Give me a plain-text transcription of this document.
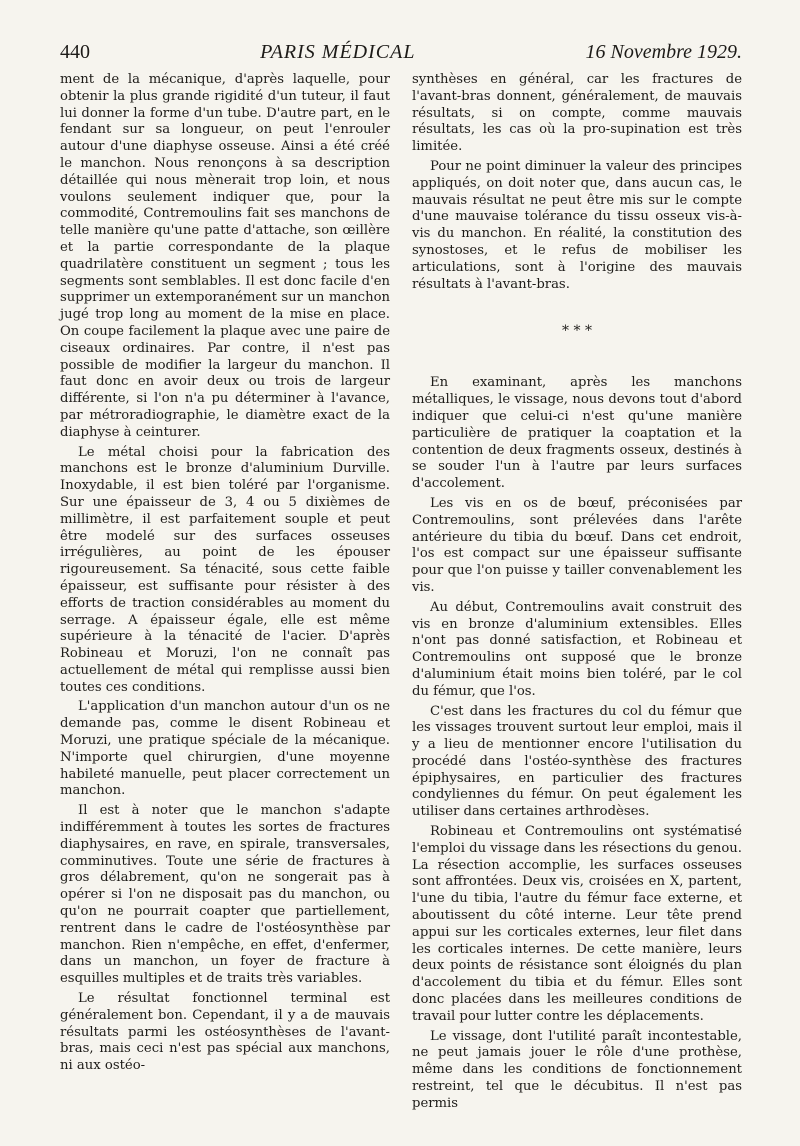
440	PARIS MÉDICAL	16 Novembre 1929.

ment de la mécanique, d'après laquelle, pour obtenir la plus grande rigidité d'un tuteur, il faut lui donner la forme d'un tube. D'autre part, en le fendant sur sa longueur, on peut l'enrouler autour d'une diaphyse osseuse. Ainsi a été créé le manchon. Nous renonçons à sa description détaillée qui nous mènerait trop loin, et nous voulons seulement indiquer que, pour la commodité, Contremoulins fait ses manchons de telle manière qu'une patte d'attache, son œillère et la partie correspondante de la plaque quadrilatère constituent un segment ; tous les segments sont semblables. Il est donc facile d'en supprimer un extemporanément sur un manchon jugé trop long au moment de la mise en place. On coupe facilement la plaque avec une paire de ciseaux ordinaires. Par contre, il n'est pas possible de modifier la largeur du manchon. Il faut donc en avoir deux ou trois de largeur différente, si l'on n'a pu déterminer à l'avance, par métroradiographie, le diamètre exact de la diaphyse à ceinturer.

Le métal choisi pour la fabrication des manchons est le bronze d'aluminium Durville. Inoxydable, il est bien toléré par l'organisme. Sur une épaisseur de 3, 4 ou 5 dixièmes de millimètre, il est parfaitement souple et peut être modelé sur des surfaces osseuses irrégulières, au point de les épouser rigoureusement. Sa ténacité, sous cette faible épaisseur, est suffisante pour résister à des efforts de traction considérables au moment du serrage. A épaisseur égale, elle est même supérieure à la ténacité de l'acier. D'après Robineau et Moruzi, l'on ne connaît pas actuellement de métal qui remplisse aussi bien toutes ces conditions.

L'application d'un manchon autour d'un os ne demande pas, comme le disent Robineau et Moruzi, une pratique spéciale de la mécanique. N'importe quel chirurgien, d'une moyenne habileté manuelle, peut placer correctement un manchon.

Il est à noter que le manchon s'adapte indifféremment à toutes les sortes de fractures diaphysaires, en rave, en spirale, transversales, comminutives. Toute une série de fractures à gros délabrement, qu'on ne songerait pas à opérer si l'on ne disposait pas du manchon, ou qu'on ne pourrait coapter que partiellement, rentrent dans le cadre de l'ostéosynthèse par manchon. Rien n'empêche, en effet, d'enfermer, dans un manchon, un foyer de fracture à esquilles multiples et de traits très variables.

Le résultat fonctionnel terminal est généralement bon. Cependant, il y a de mauvais résultats parmi les ostéosynthèses de l'avant-bras, mais ceci n'est pas spécial aux manchons, ni aux ostéo-

synthèses en général, car les fractures de l'avant-bras donnent, généralement, de mauvais résultats, si on compte, comme mauvais résultats, les cas où la pro-supination est très limitée.

Pour ne point diminuer la valeur des principes appliqués, on doit noter que, dans aucun cas, le mauvais résultat ne peut être mis sur le compte d'une mauvaise tolérance du tissu osseux vis-à-vis du manchon. En réalité, la constitution des synostoses, et le refus de mobiliser les articulations, sont à l'origine des mauvais résultats à l'avant-bras.

* * *

En examinant, après les manchons métalliques, le vissage, nous devons tout d'abord indiquer que celui-ci n'est qu'une manière particulière de pratiquer la coaptation et la contention de deux fragments osseux, destinés à se souder l'un à l'autre par leurs surfaces d'accolement.

Les vis en os de bœuf, préconisées par Contremoulins, sont prélevées dans l'arête antérieure du tibia du bœuf. Dans cet endroit, l'os est compact sur une épaisseur suffisante pour que l'on puisse y tailler convenablement les vis.

Au début, Contremoulins avait construit des vis en bronze d'aluminium extensibles. Elles n'ont pas donné satisfaction, et Robineau et Contremoulins ont supposé que le bronze d'aluminium était moins bien toléré, par le col du fémur, que l'os.

C'est dans les fractures du col du fémur que les vissages trouvent surtout leur emploi, mais il y a lieu de mentionner encore l'utilisation du procédé dans l'ostéo-synthèse des fractures épiphysaires, en particulier des fractures condyliennes du fémur. On peut également les utiliser dans certaines arthrodèses.

Robineau et Contremoulins ont systématisé l'emploi du vissage dans les résections du genou. La résection accomplie, les surfaces osseuses sont affrontées. Deux vis, croisées en X, partent, l'une du tibia, l'autre du fémur face externe, et aboutissent du côté interne. Leur tête prend appui sur les corticales externes, leur filet dans les corticales internes. De cette manière, leurs deux points de résistance sont éloignés du plan d'accolement du tibia et du fémur. Elles sont donc placées dans les meilleures conditions de travail pour lutter contre les déplacements.

Le vissage, dont l'utilité paraît incontestable, ne peut jamais jouer le rôle d'une prothèse, même dans les conditions de fonctionnement restreint, tel que le décubitus. Il n'est pas permis
